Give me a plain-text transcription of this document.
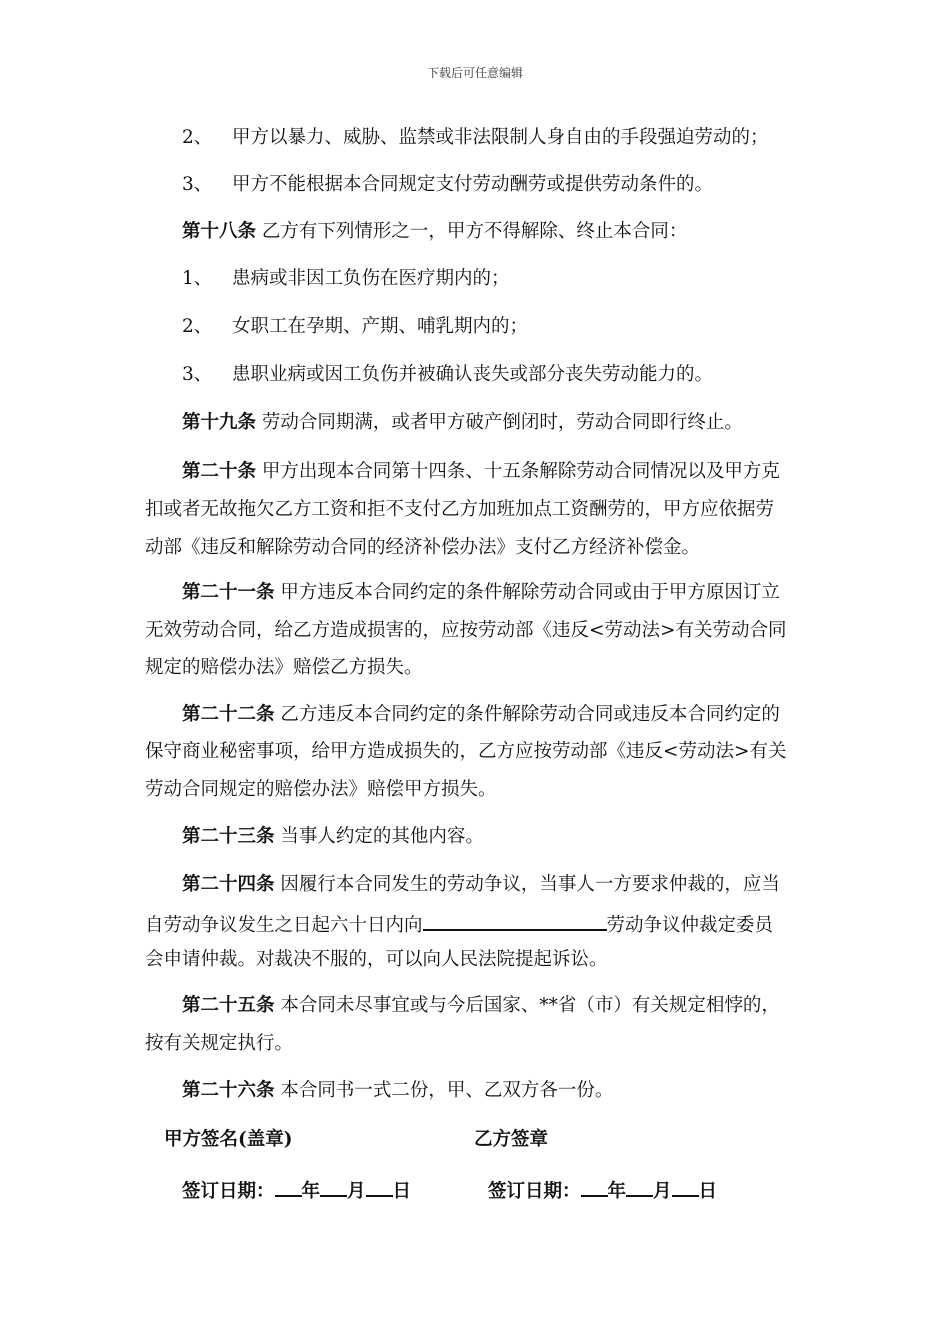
下载后可任意编辑
2、 甲方以暴力、威胁、监禁或非法限制人身自由的手段强迫劳动的；
3、 甲方不能根据本合同规定支付劳动酬劳或提供劳动条件的。
第十八条 乙方有下列情形之一，甲方不得解除、终止本合同：
1、 患病或非因工负伤在医疗期内的；
2、 女职工在孕期、产期、哺乳期内的；
3、 患职业病或因工负伤并被确认丧失或部分丧失劳动能力的。
第十九条 劳动合同期满，或者甲方破产倒闭时，劳动合同即行终止。
第二十条 甲方出现本合同第十四条、十五条解除劳动合同情况以及甲方克
扣或者无故拖欠乙方工资和拒不支付乙方加班加点工资酬劳的，甲方应依据劳
动部《违反和解除劳动合同的经济补偿办法》支付乙方经济补偿金。
第二十一条 甲方违反本合同约定的条件解除劳动合同或由于甲方原因订立
无效劳动合同，给乙方造成损害的，应按劳动部《违反<劳动法>有关劳动合同
规定的赔偿办法》赔偿乙方损失。
第二十二条 乙方违反本合同约定的条件解除劳动合同或违反本合同约定的
保守商业秘密事项，给甲方造成损失的，乙方应按劳动部《违反<劳动法>有关
劳动合同规定的赔偿办法》赔偿甲方损失。
第二十三条 当事人约定的其他内容。
第二十四条 因履行本合同发生的劳动争议，当事人一方要求仲裁的，应当
自劳动争议发生之日起六十日内向	劳动争议仲裁定委员
会申请仲裁。对裁决不服的，可以向人民法院提起诉讼。
第二十五条 本合同未尽事宜或与今后国家、**省（市）有关规定相悖的，
按有关规定执行。
第二十六条 本合同书一式二份，甲、乙双方各一份。
甲方签名(盖章)	乙方签章
签订日期： 年 月 日	签订日期： 年 月 日
